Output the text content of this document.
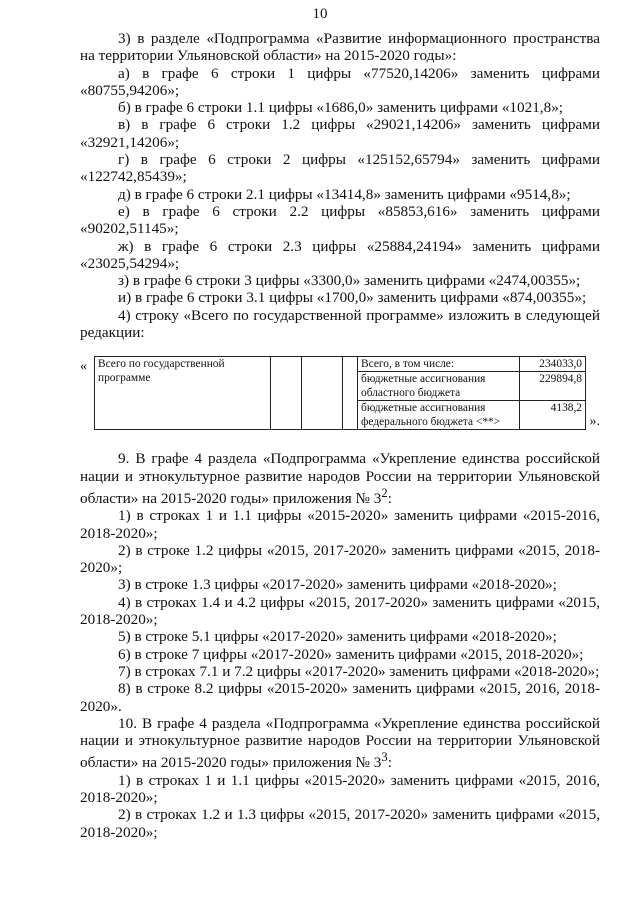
10

3) в разделе «Подпрограмма «Развитие информационного пространства на территории Ульяновской области» на 2015-2020 годы»:

а) в графе 6 строки 1 цифры «77520,14206» заменить цифрами «80755,94206»;

б) в графе 6 строки 1.1 цифры «1686,0» заменить цифрами «1021,8»;

в) в графе 6 строки 1.2 цифры «29021,14206» заменить цифрами «32921,14206»;

г) в графе 6 строки 2 цифры «125152,65794» заменить цифрами «122742,85439»;

д) в графе 6 строки 2.1 цифры «13414,8» заменить цифрами «9514,8»;

е) в графе 6 строки 2.2 цифры «85853,616» заменить цифрами «90202,51145»;

ж) в графе 6 строки 2.3 цифры «25884,24194» заменить цифрами «23025,54294»;

з) в графе 6 строки 3 цифры «3300,0» заменить цифрами «2474,00355»;

и) в графе 6 строки 3.1 цифры «1700,0» заменить цифрами «874,00355»;

4) строку «Всего по государственной программе» изложить в следующей редакции:

« Всего по государственной программе				Всего, в том числе:	234033,0
				бюджетные ассигнования областного бюджета	229894,8
				бюджетные ассигнования федерального бюджета <**>	4138,2
».

9. В графе 4 раздела «Подпрограмма «Укрепление единства российской нации и этнокультурное развитие народов России на территории Ульяновской области» на 2015-2020 годы» приложения № $3^2$:

1) в строках 1 и 1.1 цифры «2015-2020» заменить цифрами «2015-2016, 2018-2020»;

2) в строке 1.2 цифры «2015, 2017-2020» заменить цифрами «2015, 2018-2020»;

3) в строке 1.3 цифры «2017-2020» заменить цифрами «2018-2020»;

4) в строках 1.4 и 4.2 цифры «2015, 2017-2020» заменить цифрами «2015, 2018-2020»;

5) в строке 5.1 цифры «2017-2020» заменить цифрами «2018-2020»;

6) в строке 7 цифры «2017-2020» заменить цифрами «2015, 2018-2020»;

7) в строках 7.1 и 7.2 цифры «2017-2020» заменить цифрами «2018-2020»;

8) в строке 8.2 цифры «2015-2020» заменить цифрами «2015, 2016, 2018-2020».

10. В графе 4 раздела «Подпрограмма «Укрепление единства российской нации и этнокультурное развитие народов России на территории Ульяновской области» на 2015-2020 годы» приложения № $3^3$:

1) в строках 1 и 1.1 цифры «2015-2020» заменить цифрами «2015, 2016, 2018-2020»;

2) в строках 1.2 и 1.3 цифры «2015, 2017-2020» заменить цифрами «2015, 2018-2020»;
